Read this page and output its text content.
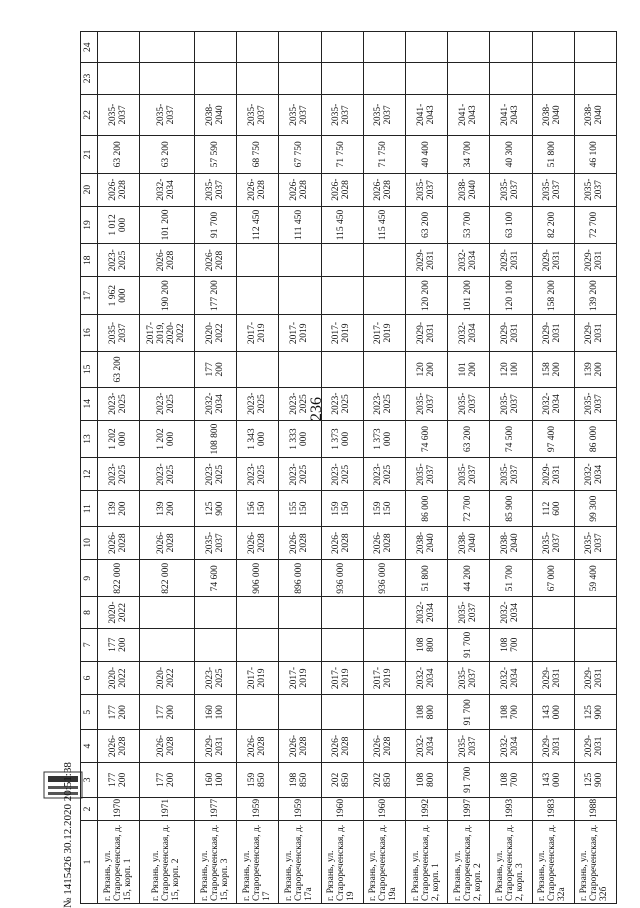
236
№ 1415426 30.12.2020 20:51:38 1	2	3	4	5	6	7	8	9	10	11	12	13	14	15	16	17	18	19	20	21	22	23	24
г. Рязань, ул. Старореченская, д. 15, корп. 1	1970	177 200	2026-2028	177 200	2020-2022	177 200	2020-2022	822 000	2026-2028	139 200	2023-2025	1 202 000	2023-2025	63 200	2035-2037	1 962 000	2023-2025	1 012 000	2026-2028	63 200	2035-2037		
г. Рязань, ул. Старореченская, д. 15, корп. 2	1971	177 200	2026-2028	177 200	2020-2022			822 000	2026-2028	139 200	2023-2025	1 202 000	2023-2025		2017-2019, 2020-2022	190 200	2026-2028	101 200	2032-2034	63 200	2035-2037		
г. Рязань, ул. Старореченская, д. 15, корп. 3	1977	160 100	2029-2031	160 100	2023-2025			74 600	2035-2037	125 900	2023-2025	108 800	2032-2034	177 200	2020-2022	177 200	2026-2028	91 700	2035-2037	57 590	2038-2040		
г. Рязань, ул. Старореченская, д. 17	1959	159 850	2026-2028		2017-2019			906 000	2026-2028	156 150	2023-2025	1 343 000	2023-2025		2017-2019			112 450	2026-2028	68 750	2035-2037		
г. Рязань, ул. Старореченская, д. 17а	1959	198 850	2026-2028		2017-2019			896 000	2026-2028	155 150	2023-2025	1 333 000	2023-2025		2017-2019			111 450	2026-2028	67 750	2035-2037		
г. Рязань, ул. Старореченская, д. 19	1960	202 850	2026-2028		2017-2019			936 000	2026-2028	159 150	2023-2025	1 373 000	2023-2025		2017-2019			115 450	2026-2028	71 750	2035-2037		
г. Рязань, ул. Старореченская, д. 19а	1960	202 850	2026-2028		2017-2019			936 000	2026-2028	159 150	2023-2025	1 373 000	2023-2025		2017-2019			115 450	2026-2028	71 750	2035-2037		
г. Рязань, ул. Старореченская, д. 2, корп. 1	1992	108 800	2032-2034	108 800	2032-2034	108 800	2032-2034	51 800	2038-2040	86 000	2035-2037	74 600	2035-2037	120 200	2029-2031	120 200	2029-2031	63 200	2035-2037	40 400	2041-2043		
г. Рязань, ул. Старореченская, д. 2, корп. 2	1997	91 700	2035-2037	91 700	2035-2037	91 700	2035-2037	44 200	2038-2040	72 700	2035-2037	63 200	2035-2037	101 200	2032-2034	101 200	2032-2034	53 700	2038-2040	34 700	2041-2043		
г. Рязань, ул. Старореченская, д. 2, корп. 3	1993	108 700	2032-2034	108 700	2032-2034	108 700	2032-2034	51 700	2038-2040	85 900	2035-2037	74 500	2035-2037	120 100	2029-2031	120 100	2029-2031	63 100	2035-2037	40 300	2041-2043		
г. Рязань, ул. Старореченская, д. 32а	1983	143 000	2029-2031	143 000	2029-2031			67 000	2035-2037	112 600	2029-2031	97 400	2032-2034	158 200	2029-2031	158 200	2029-2031	82 200	2035-2037	51 800	2038-2040		
г. Рязань, ул. Старореченская, д. 32б	1988	125 900	2029-2031	125 900	2029-2031			59 400	2035-2037	99 300	2032-2034	86 000	2035-2037	139 200	2029-2031	139 200	2029-2031	72 700	2035-2037	46 100	2038-2040		
